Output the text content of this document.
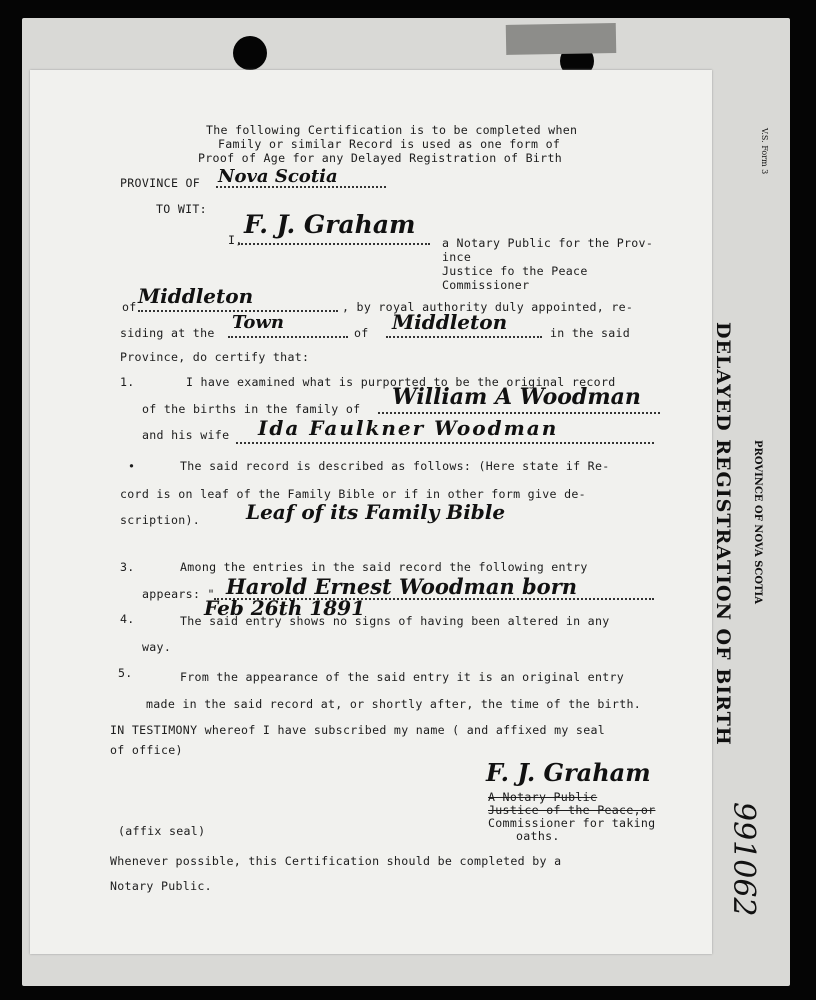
V.S. Form 3
PROVINCE OF NOVA SCOTIA
DELAYED REGISTRATION OF BIRTH
991062
The following Certification is to be completed when
Family or similar Record is used as one form of
Proof of Age for any Delayed Registration of Birth
PROVINCE OF Nova Scotia
TO WIT:
I,
F. J. Graham
a Notary Public for the Prov-
ince
Justice fo the Peace
Commissioner
of Middleton	, by royal authority duly appointed, re-
siding at the Town	of Middleton	in the said
Province, do certify that:
1.	I have examined what is purported to be the original record
of the births in the family of William A Woodman
and his wife Ida Faulkner Woodman
•	The said record is described as follows: (Here state if Re-
cord is on leaf of the Family Bible or if in other form give de-
scription). Leaf of its Family Bible
3.	Among the entries in the said record the following entry
appears: " Harold Ernest Woodman born
Feb 26th 1891
4.	The said entry shows no signs of having been altered in any
way.
5.	From the appearance of the said entry it is an original entry
made in the said record at, or shortly after, the time of the birth.
IN TESTIMONY whereof I have subscribed my name ( and affixed my seal
of office)
F. J. Graham
A Notary Public
Justice of the Peace,or
Commissioner for taking
oaths.
(affix seal)
Whenever possible, this Certification should be completed by a
Notary Public.
